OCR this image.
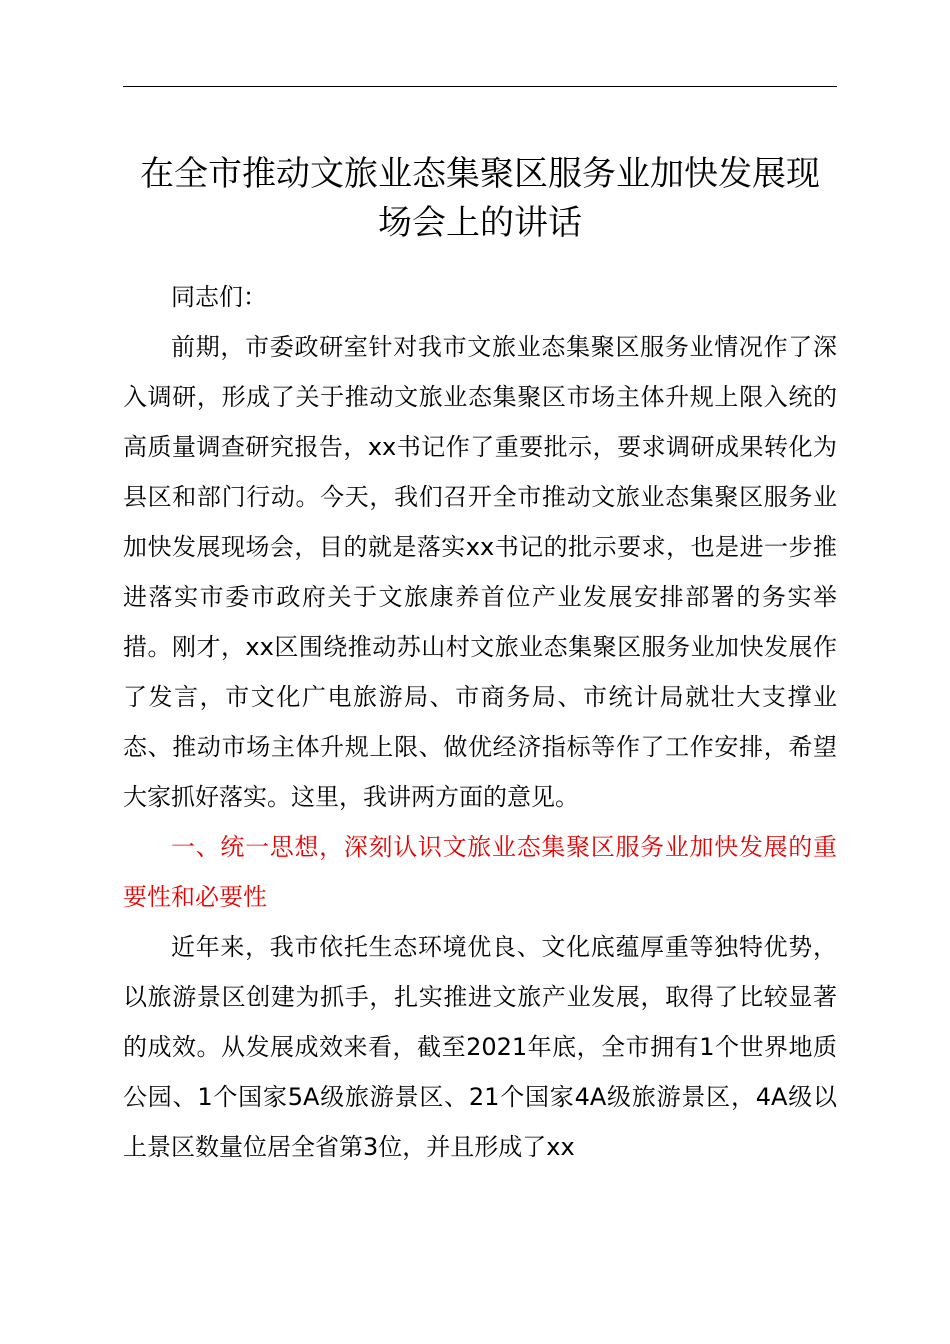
在全市推动文旅业态集聚区服务业加快发展现
场会上的讲话

同志们：

前期，市委政研室针对我市文旅业态集聚区服务业情况作了深入调研，形成了关于推动文旅业态集聚区市场主体升规上限入统的高质量调查研究报告，xx书记作了重要批示，要求调研成果转化为县区和部门行动。今天，我们召开全市推动文旅业态集聚区服务业加快发展现场会，目的就是落实xx书记的批示要求，也是进一步推进落实市委市政府关于文旅康养首位产业发展安排部署的务实举措。刚才，xx区围绕推动苏山村文旅业态集聚区服务业加快发展作了发言，市文化广电旅游局、市商务局、市统计局就壮大支撑业态、推动市场主体升规上限、做优经济指标等作了工作安排，希望大家抓好落实。这里，我讲两方面的意见。

一、统一思想，深刻认识文旅业态集聚区服务业加快发展的重要性和必要性

近年来，我市依托生态环境优良、文化底蕴厚重等独特优势，以旅游景区创建为抓手，扎实推进文旅产业发展，取得了比较显著的成效。从发展成效来看，截至2021年底，全市拥有1个世界地质公园、1个国家5A级旅游景区、21个国家4A级旅游景区，4A级以上景区数量位居全省第3位，并且形成了xx
